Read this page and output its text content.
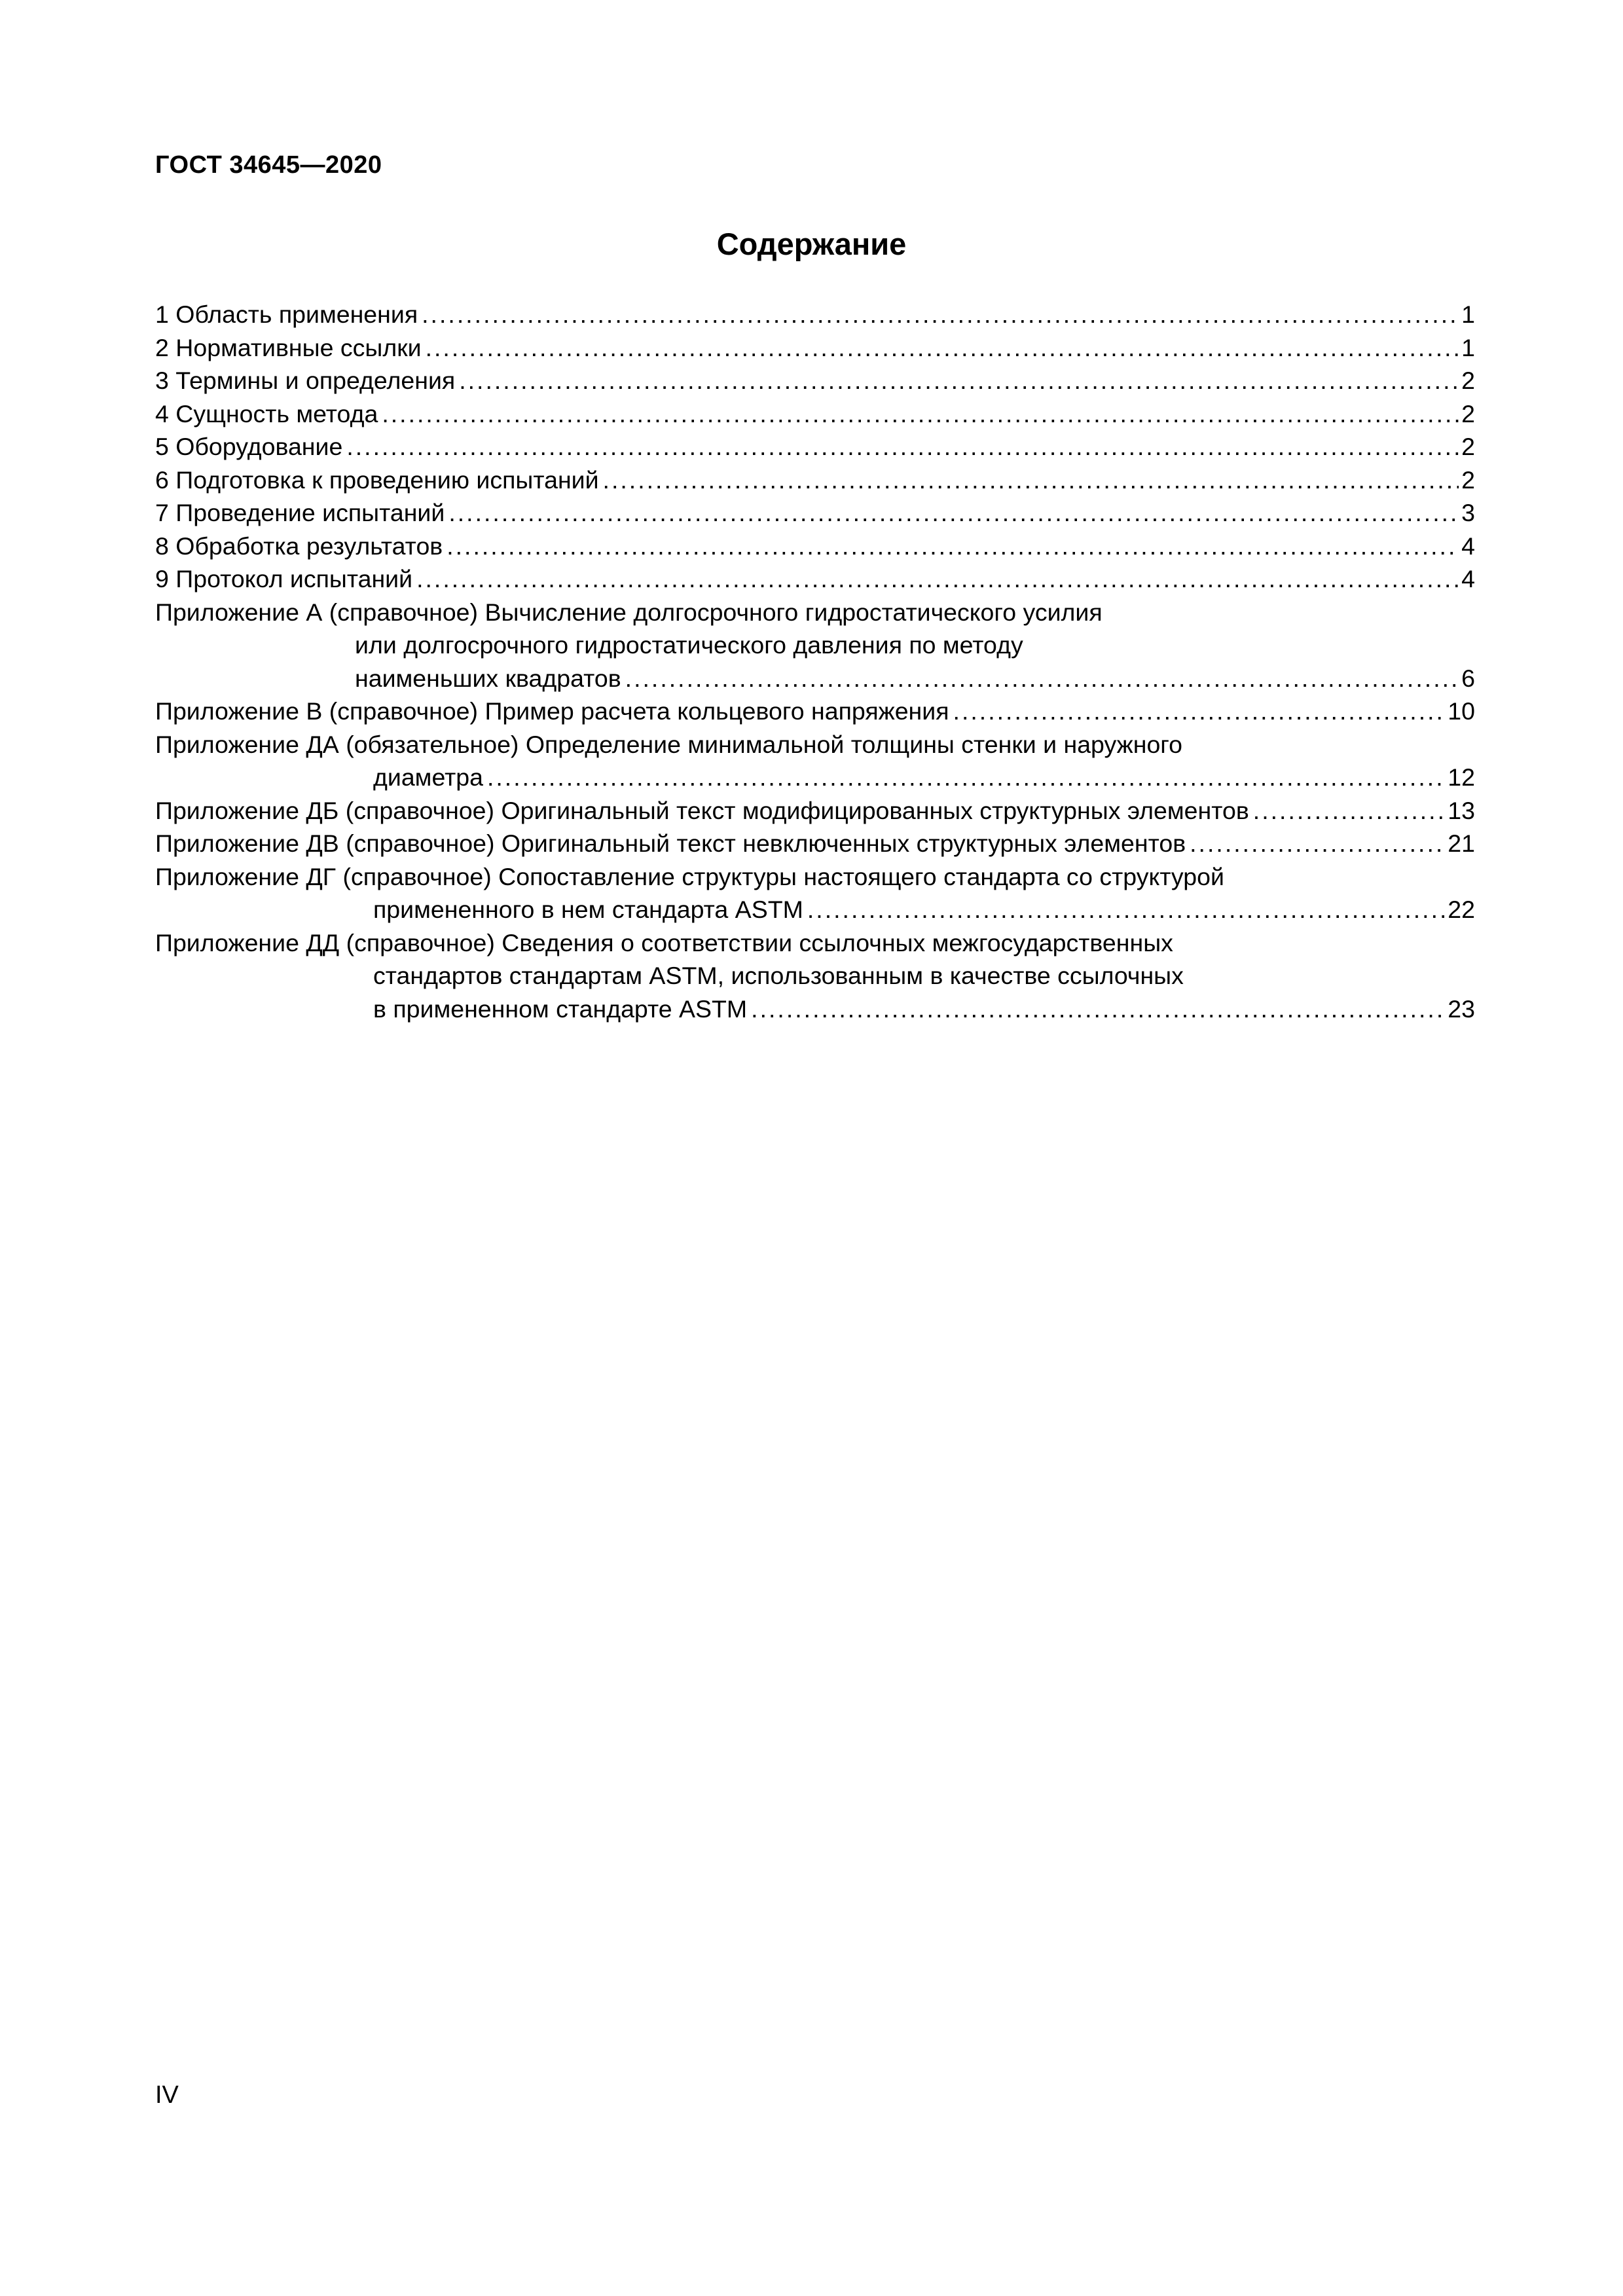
ГОСТ 34645—2020
Содержание
1 Область применения .....	1
2 Нормативные ссылки .....	1
3 Термины и определения .....	2
4 Сущность метода .....	2
5 Оборудование .....	2
6 Подготовка к проведению испытаний .....	2
7 Проведение испытаний .....	3
8 Обработка результатов .....	4
9 Протокол испытаний .....	4
Приложение А (справочное) Вычисление долгосрочного гидростатического усилия
или долгосрочного гидростатического давления по методу
наименьших квадратов .....	6
Приложение В (справочное) Пример расчета кольцевого напряжения .....	10
Приложение ДА (обязательное) Определение минимальной толщины стенки и наружного
диаметра .....	12
Приложение ДБ (справочное) Оригинальный текст модифицированных структурных элементов .....	13
Приложение ДВ (справочное) Оригинальный текст невключенных структурных элементов .....	21
Приложение ДГ (справочное) Сопоставление структуры настоящего стандарта со структурой
примененного в нем стандарта ASTM .....	22
Приложение ДД (справочное) Сведения о соответствии ссылочных межгосударственных
стандартов стандартам ASTM, использованным в качестве ссылочных
в примененном стандарте ASTM .....	23
IV
